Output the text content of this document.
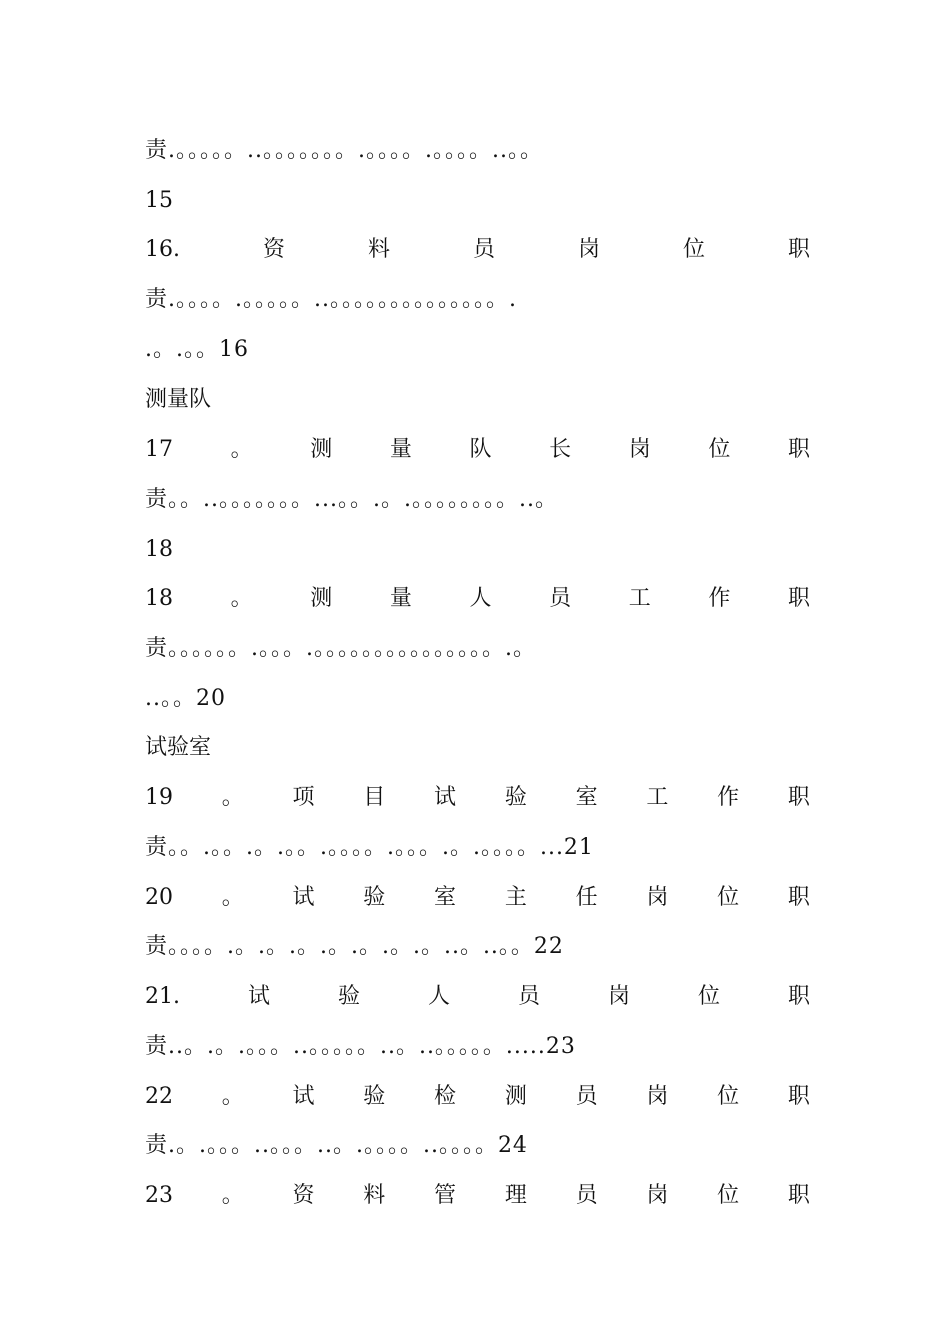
责.。。。。。..。。。。。。。.。。。。.。。。。..。。
15
16.	资	料	员	岗	位	职
责.。。。。.。。。。。..。。。。。。。。。。。。。。.
.。.。。16
测量队
17	。	测	量	队	长	岗	位	职
责。。..。。。。。。。...。。.。.。。。。。。。。..。
18
18	。	测	量	人	员	工	作	职
责。。。。。。.。。。.。。。。。。。。。。。。。。。.。
..。。20
试验室
19 。 项 目 试 验 室 工 作 职
责。。.。。.。.。。.。。。。.。。。.。.。。。。...21
20 。 试 验 室 主 任 岗 位 职
责。。。。.。.。.。.。.。.。.。..。..。。22
21.	试	验	人	员	岗	位	职
责..。.。.。。。..。。。。。..。..。。。。。.....23
22 。 试 验 检 测 员 岗 位 职
责.。.。。。..。。。..。.。。。。..。。。。24
23 。 资 料 管 理 员 岗 位 职
